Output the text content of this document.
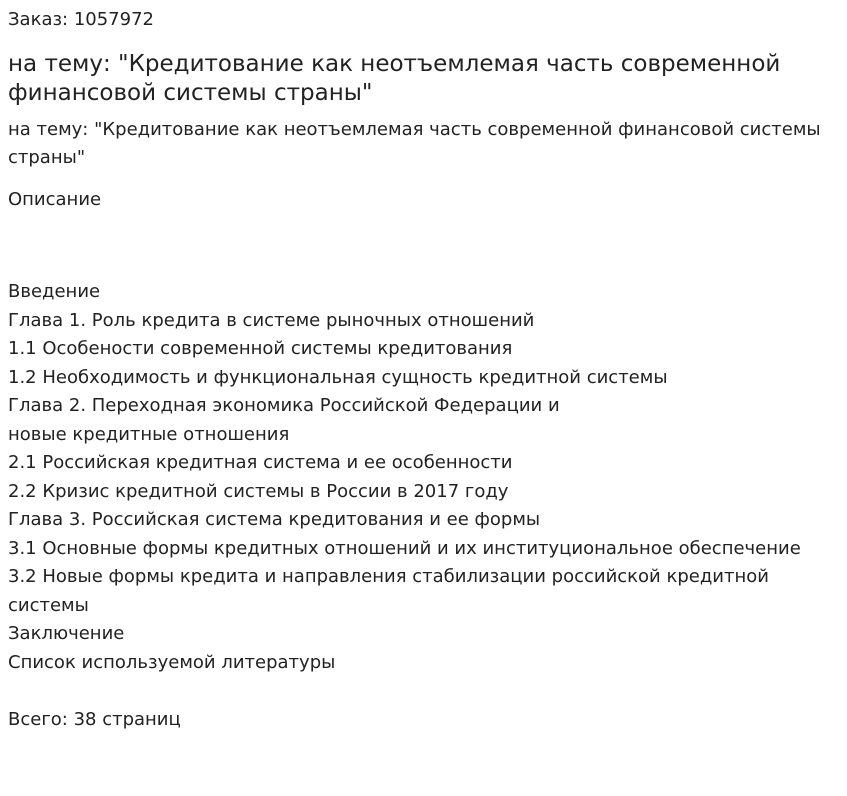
Заказ: 1057972

на тему: "Кредитование как неотъемлемая часть современной финансовой системы страны"

на тему: "Кредитование как неотъемлемая часть современной финансовой системы страны"

Описание

Введение
Глава 1. Роль кредита в системе рыночных отношений
1.1 Особености современной системы кредитования
1.2 Необходимость и функциональная сущность кредитной системы
Глава 2. Переходная экономика Российской Федерации и
новые кредитные отношения
2.1 Российская кредитная система и ее особенности
2.2 Кризис кредитной системы в России в 2017 году
Глава 3. Российская система кредитования и ее формы
3.1 Основные формы кредитных отношений и их институциональное обеспечение
3.2 Новые формы кредита и направления стабилизации российской кредитной системы
Заключение
Список используемой литературы

Всего: 38 страниц
